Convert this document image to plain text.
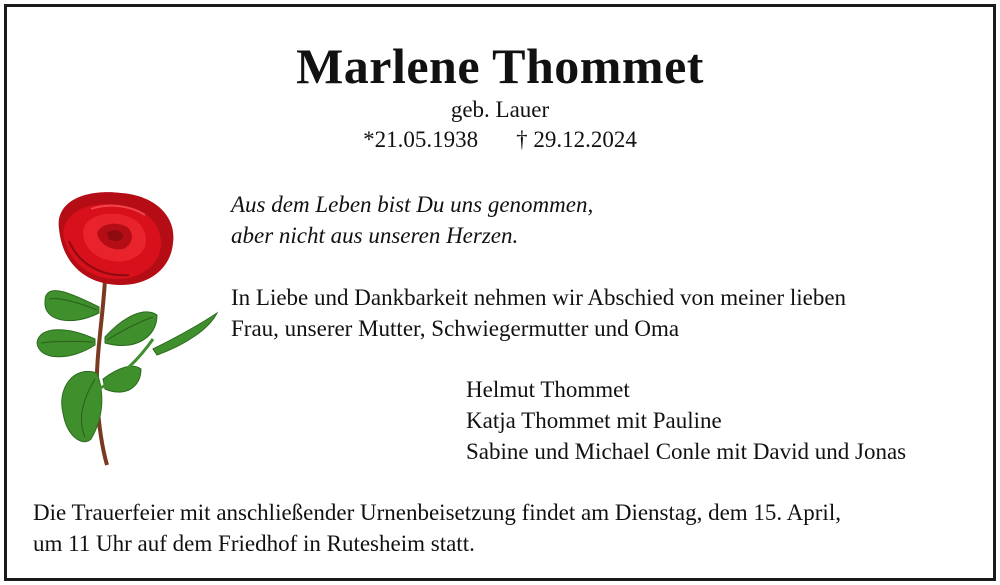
Marlene Thommet
geb. Lauer
*21.05.1938 † 29.12.2024
Aus dem Leben bist Du uns genommen,
aber nicht aus unseren Herzen.
In Liebe und Dankbarkeit nehmen wir Abschied von meiner lieben
Frau, unserer Mutter, Schwiegermutter und Oma
Helmut Thommet
Katja Thommet mit Pauline
Sabine und Michael Conle mit David und Jonas
Die Trauerfeier mit anschließender Urnenbeisetzung findet am Dienstag, dem 15. April,
um 11 Uhr auf dem Friedhof in Rutesheim statt.
